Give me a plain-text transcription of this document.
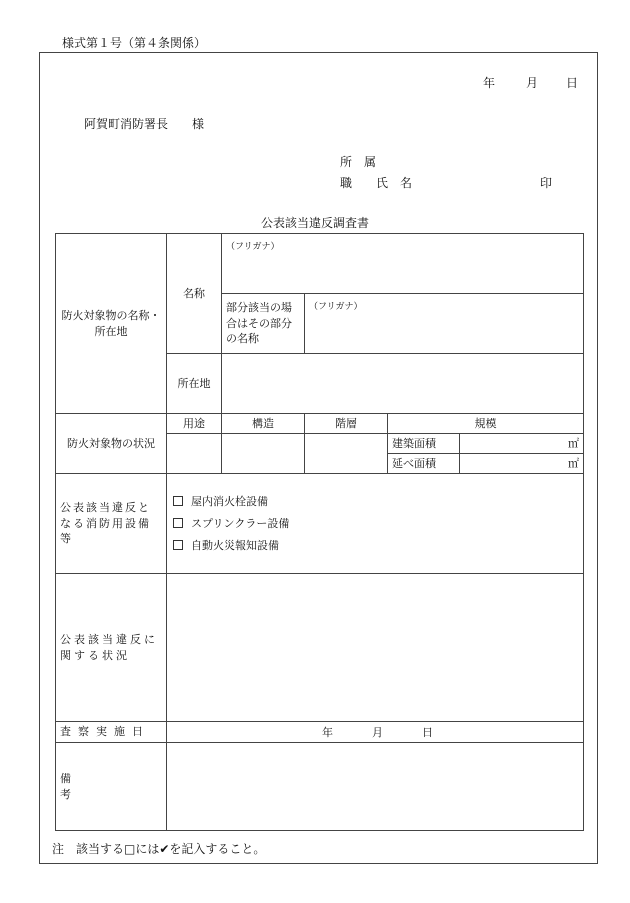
様式第１号（第４条関係）
年	月 日
阿賀町消防署長　　様
所　属
職　　氏　名	印
公表該当違反調査書
防火対象物の名称・所在地	名称	（フリガナ）			
		部分該当の場合はその部分の名称	（フリガナ）		
	所在地				
防火対象物の状況	用途	構造	階層	規模	
				建築面積	㎡
				延べ面積	㎡
公表該当違反となる消防用設備等	屋内消火栓設備
スプリンクラー設備
自動火災報知設備				

公表該当違反に関する状況					
査察実施日	年 月 日				

備考					
注　該当する□には✔を記入すること。
